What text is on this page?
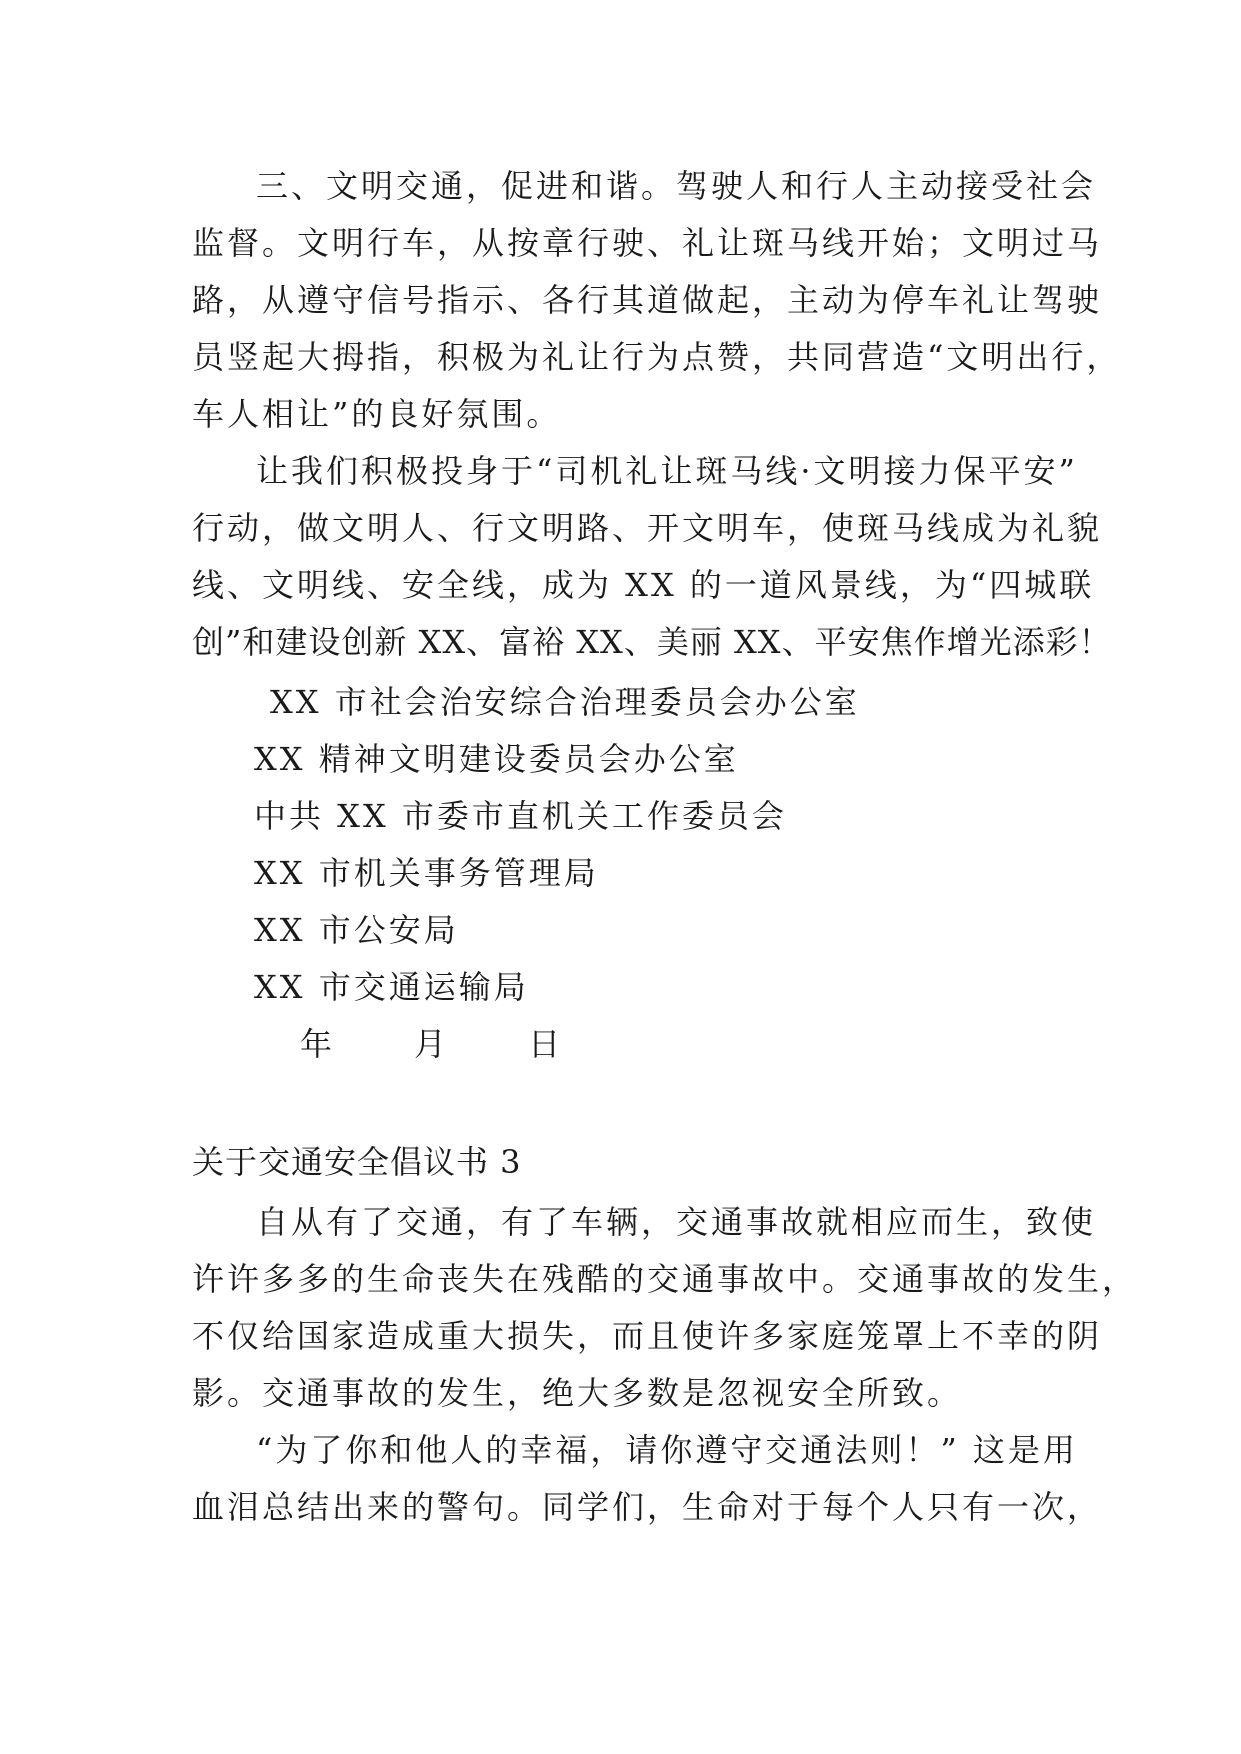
三、文明交通，促进和谐。驾驶人和行人主动接受社会
监督。文明行车，从按章行驶、礼让斑马线开始；文明过马
路，从遵守信号指示、各行其道做起，主动为停车礼让驾驶
员竖起大拇指，积极为礼让行为点赞，共同营造“文明出行，
车人相让”的良好氛围。
让我们积极投身于“司机礼让斑马线·文明接力保平安”
行动，做文明人、行文明路、开文明车，使斑马线成为礼貌
线、文明线、安全线，成为 XX 的一道风景线，为“四城联
创”和建设创新 XX、富裕 XX、美丽 XX、平安焦作增光添彩！
XX 市社会治安综合治理委员会办公室
XX 精神文明建设委员会办公室
中共 XX 市委市直机关工作委员会
XX 市机关事务管理局
XX 市公安局
XX 市交通运输局
年      月      日
关于交通安全倡议书 3
自从有了交通，有了车辆，交通事故就相应而生，致使
许许多多的生命丧失在残酷的交通事故中。交通事故的发生，
不仅给国家造成重大损失，而且使许多家庭笼罩上不幸的阴
影。交通事故的发生，绝大多数是忽视安全所致。
“为了你和他人的幸福，请你遵守交通法则！” 这是用
血泪总结出来的警句。同学们，生命对于每个人只有一次，
